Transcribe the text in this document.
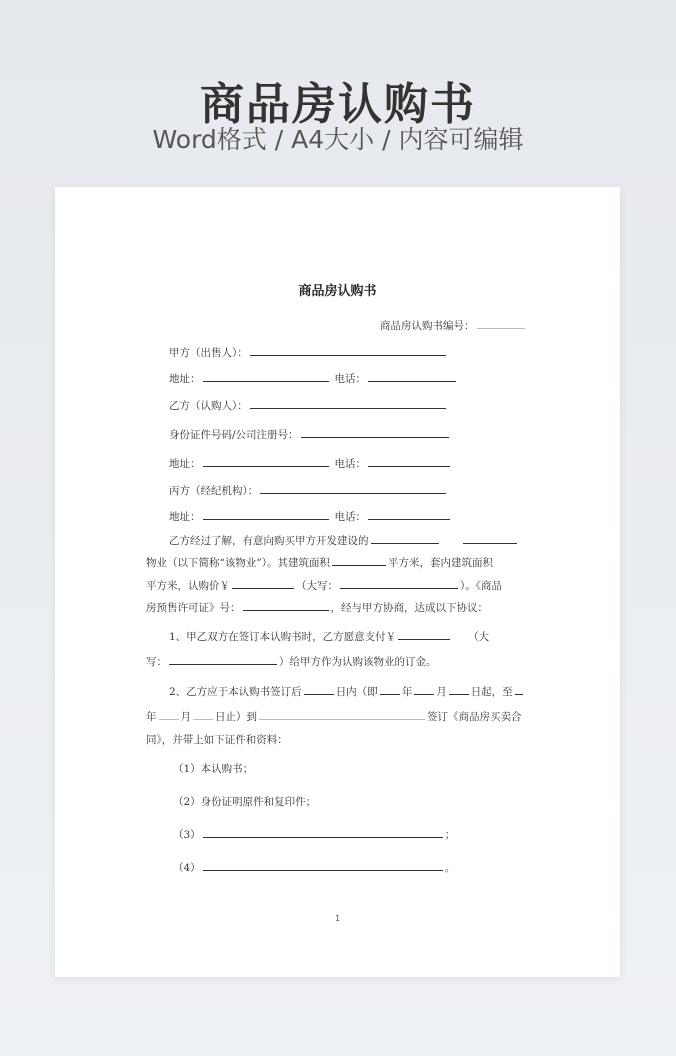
商品房认购书
Word格式 / A4大小 / 内容可编辑
商品房认购书
商品房认购书编号：
甲方（出售人）：
地址：	电话：
乙方（认购人）：
身份证件号码/公司注册号：
地址：	电话：
丙方（经纪机构）：
地址：	电话：
乙方经过了解，有意向购买甲方开发建设的
物业（以下简称“该物业”）。其建筑面积	平方米，套内建筑面积
平方米，认购价￥	（大写：	）。《商品
房预售许可证》号：	，经与甲方协商，达成以下协议：
1、甲乙双方在签订本认购书时，乙方愿意支付￥	（大
写：	）给甲方作为认购该物业的订金。
2、乙方应于本认购书签订后	日内（即 年 月 日起，至
年 月 日止）到	签订《商品房买卖合
同》，并带上如下证件和资料：
（1）本认购书；
（2）身份证明原件和复印件；
（3）	；
（4）	。
1
